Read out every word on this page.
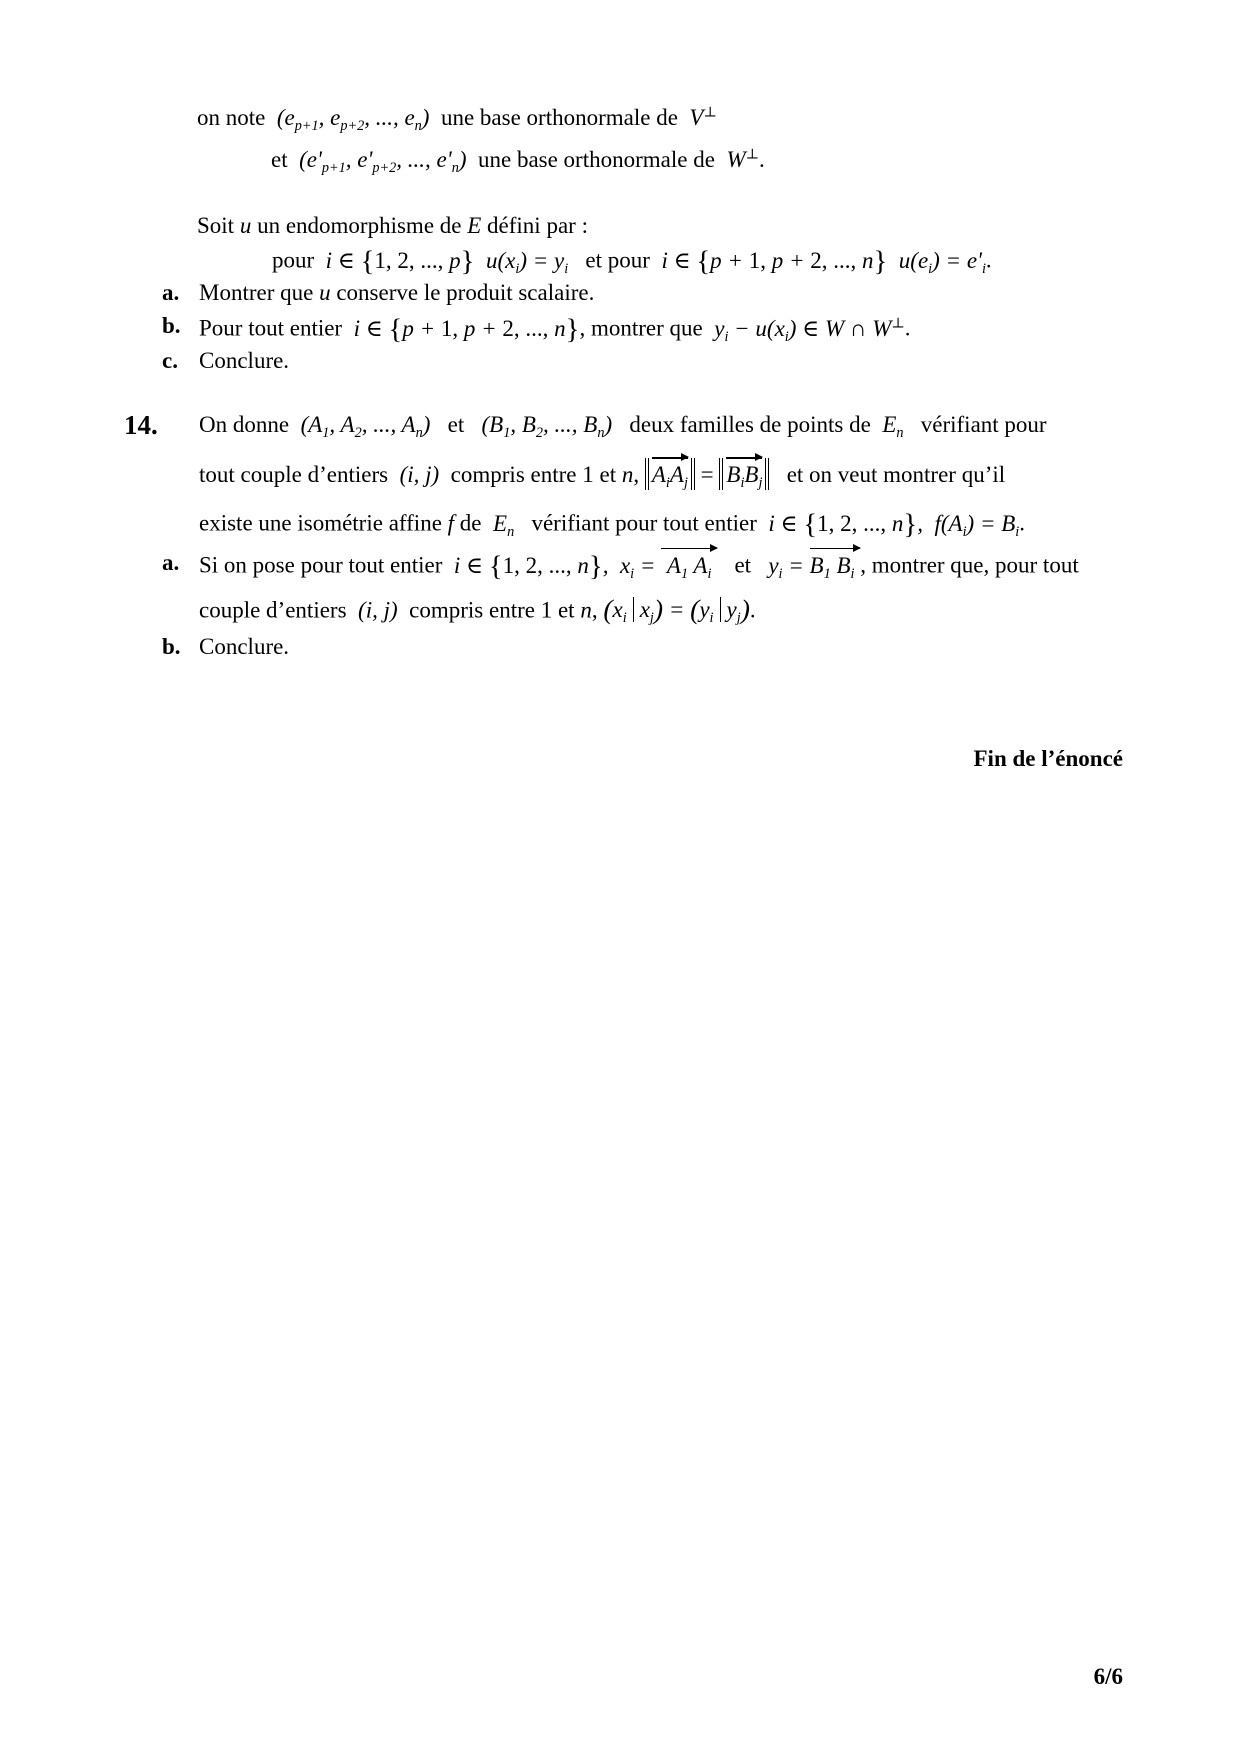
on note  ($e_{p+1}$, $e_{p+2}$, ..., $e_n$)  une base orthonormale de  V⊥
et  ($e'_{p+1}$, $e'_{p+2}$, ..., $e'_n$)  une base orthonormale de  W⊥.
Soit u un endomorphisme de E défini par :
pour  i ∈ {1, 2, ..., p}  $u(x_i) = y_i$ et pour  i ∈ {p + 1, p + 2, ..., n}  $u(e_i) = e'_i$.
a. Montrer que u conserve le produit scalaire.
b. Pour tout entier  i ∈ {p + 1, p + 2, ..., n}, montrer que  $y_i - u(x_i)$ ∈ W ∩ W⊥.
c. Conclure.
14. On donne  ($A_1$, $A_2$, ..., $A_n$)   et   ($B_1$, $B_2$, ..., $B_n$)   deux familles de points de  $E_n$ vérifiant pour
tout couple d’entiers  (i, j)  compris entre 1 et n, $A_iA_j = B_iB_j$ et on veut montrer qu’il
existe une isométrie affine f de  $E_n$ vérifiant pour tout entier  i ∈ {1, 2, ..., n},  $f(A_i) = B_i$.
a. Si on pose pour tout entier  i ∈ {1, 2, ..., n},  $x_i = A_1$ $A_i$ et   $y_i = B_1$ $B_i$ , montrer que, pour tout
couple d’entiers  (i, j)  compris entre 1 et n, ($x_i$ $x_j) = (y_i$ $y_j$).
b. Conclure.
Fin de l’énoncé
6/6
